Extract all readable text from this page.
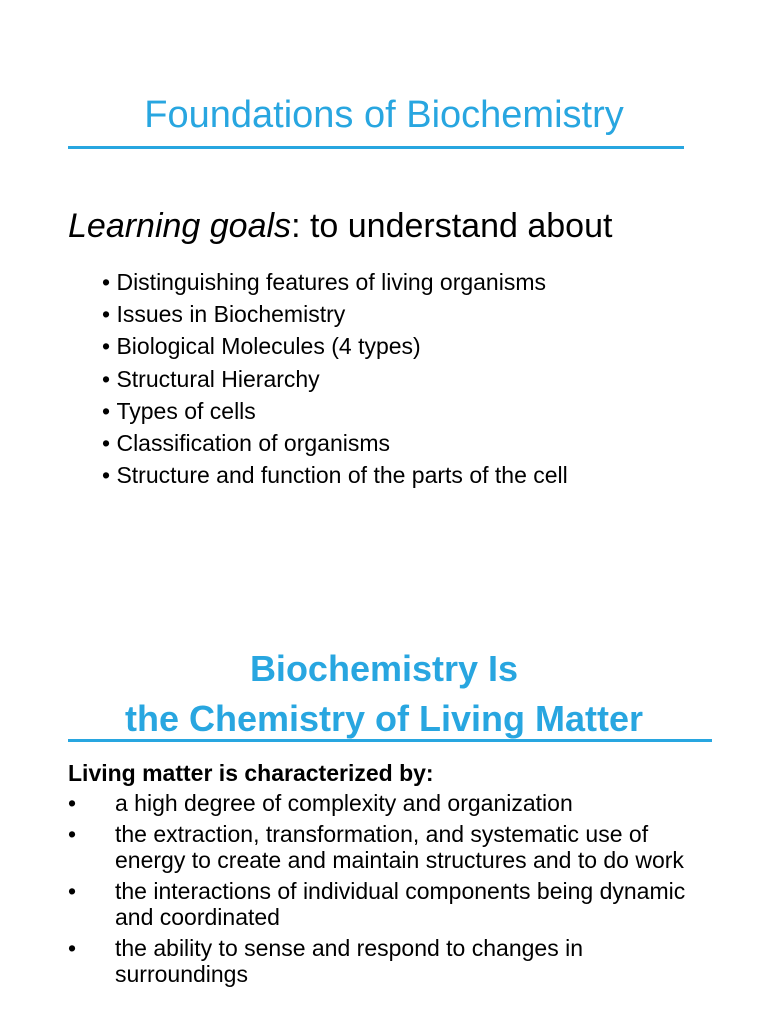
Foundations of Biochemistry

Learning goals: to understand about

• Distinguishing features of living organisms
• Issues in Biochemistry
• Biological Molecules (4 types)
• Structural Hierarchy
• Types of cells
• Classification of organisms
• Structure and function of the parts of the cell
Biochemistry Is
the Chemistry of Living Matter

Living matter is characterized by:

• a high degree of complexity and organization
• the extraction, transformation, and systematic use of energy to create and maintain structures and to do work
• the interactions of individual components being dynamic and coordinated
• the ability to sense and respond to changes in surroundings
